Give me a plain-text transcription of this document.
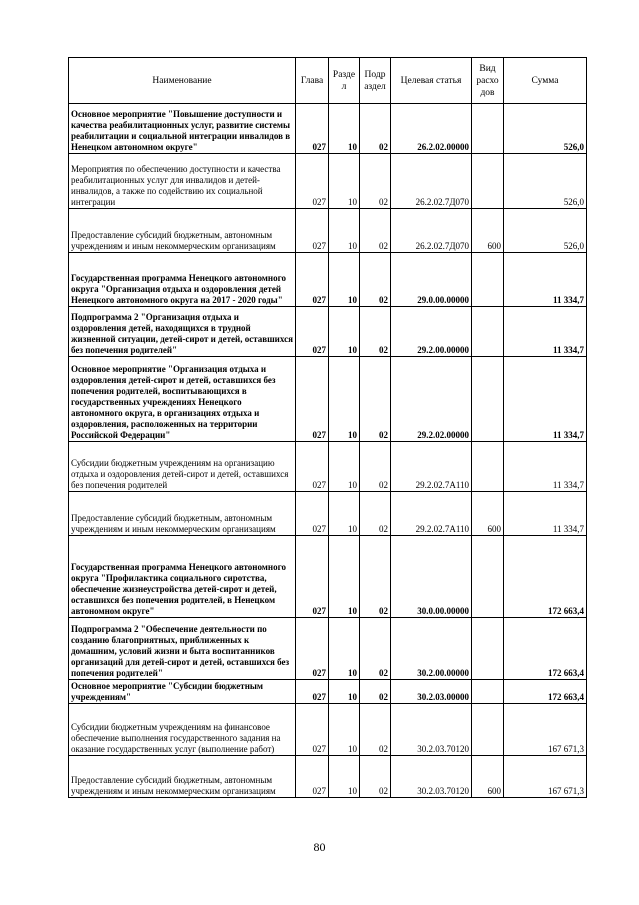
Наименование	Глава	Разде л	Подр аздел	Целевая статья	Вид расхо дов	Сумма
Основное мероприятие "Повышение доступности и качества реабилитационных услуг, развитие системы реабилитации и социальной интеграции инвалидов в Ненецком автономном округе"	027	10	02	26.2.02.00000		526,0
Мероприятия по обеспечению доступности и качества реабилитационных услуг для инвалидов и детей-инвалидов, а также по содействию их социальной интеграции	027	10	02	26.2.02.7Д070		526,0
Предоставление субсидий бюджетным, автономным учреждениям и иным некоммерческим организациям	027	10	02	26.2.02.7Д070	600	526,0
Государственная программа Ненецкого автономного округа "Организация отдыха и оздоровления детей Ненецкого автономного округа на 2017 - 2020 годы"	027	10	02	29.0.00.00000		11 334,7
Подпрограмма 2 "Организация отдыха и оздоровления детей, находящихся в трудной жизненной ситуации, детей-сирот и детей, оставшихся без попечения родителей"	027	10	02	29.2.00.00000		11 334,7
Основное мероприятие "Организация отдыха и оздоровления детей-сирот и детей, оставшихся без попечения родителей, воспитывающихся в государственных учреждениях Ненецкого автономного округа, в организациях отдыха и оздоровления, расположенных на территории Российской Федерации"	027	10	02	29.2.02.00000		11 334,7
Субсидии бюджетным учреждениям на организацию отдыха и оздоровления детей-сирот и детей, оставшихся без попечения родителей	027	10	02	29.2.02.7А110		11 334,7
Предоставление субсидий бюджетным, автономным учреждениям и иным некоммерческим организациям	027	10	02	29.2.02.7А110	600	11 334,7
Государственная программа Ненецкого автономного округа "Профилактика социального сиротства, обеспечение жизнеустройства детей-сирот и детей, оставшихся без попечения родителей, в Ненецком автономном округе"	027	10	02	30.0.00.00000		172 663,4
Подпрограмма 2 "Обеспечение деятельности по созданию благоприятных, приближенных к домашним, условий жизни и быта воспитанников организаций для детей-сирот и детей, оставшихся без попечения родителей"	027	10	02	30.2.00.00000		172 663,4
Основное мероприятие "Субсидии бюджетным учреждениям"	027	10	02	30.2.03.00000		172 663,4
Субсидии бюджетным учреждениям на финансовое обеспечение выполнения государственного задания на оказание государственных услуг (выполнение работ)	027	10	02	30.2.03.70120		167 671,3
Предоставление субсидий бюджетным, автономным учреждениям и иным некоммерческим организациям	027	10	02	30.2.03.70120	600	167 671,3
80
